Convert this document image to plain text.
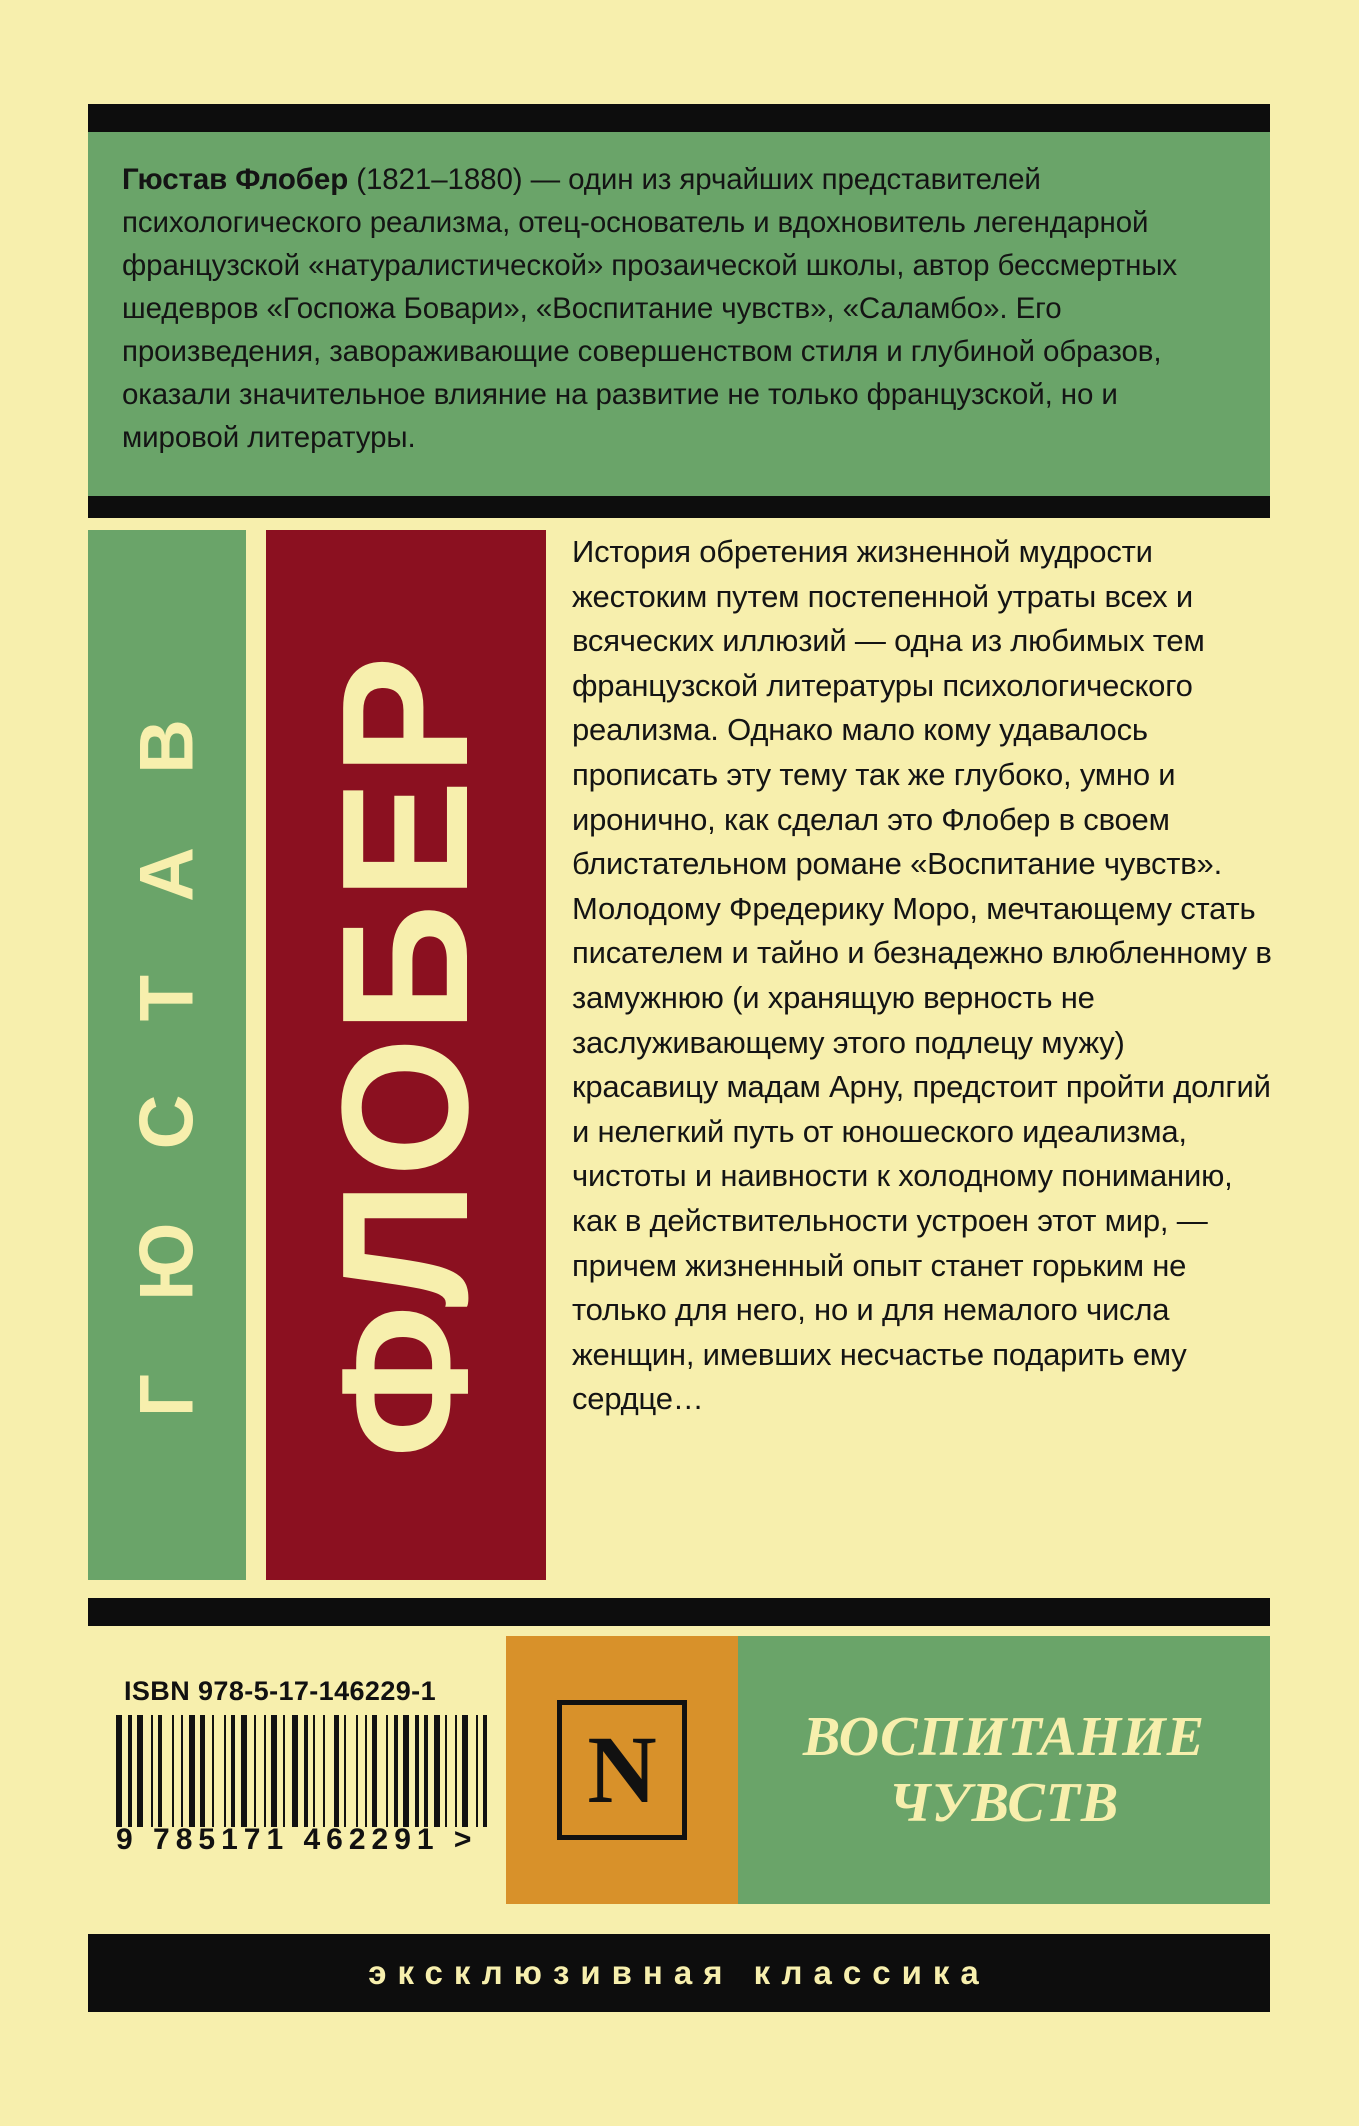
Гюстав Флобер (1821–1880) — один из ярчайших представителей психологического реализма, отец-основатель и вдохновитель легендарной французской «натуралистической» прозаической школы, автор бессмертных шедевров «Госпожа Бовари», «Воспитание чувств», «Саламбо». Его произведения, завораживающие совершенством стиля и глубиной образов, оказали значительное влияние на развитие не только французской, но и мировой литературы.
Г Ю С Т А В ФЛОБЕР

История обретения жизненной мудрости жестоким путем постепенной утраты всех и всяческих иллюзий — одна из любимых тем французской литературы психологического реализма. Однако мало кому удавалось прописать эту тему так же глубоко, умно и иронично, как сделал это Флобер в своем блистательном романе «Воспитание чувств».

Молодому Фредерику Моро, мечтающему стать писателем и тайно и безнадежно влюбленному в замужнюю (и хранящую верность не заслуживающему этого подлецу мужу) красавицу мадам Арну, предстоит пройти долгий и нелегкий путь от юношеского идеализма, чистоты и наивности к холодному пониманию, как в действительности устроен этот мир, — причем жизненный опыт станет горьким не только для него, но и для немалого числа женщин, имевших несчастье подарить ему сердце…

ISBN 978-5-17-146229-1
9 785171 462291 >
N	ВОСПИТАНИЕ
ЧУВСТВ
эксклюзивная классика
